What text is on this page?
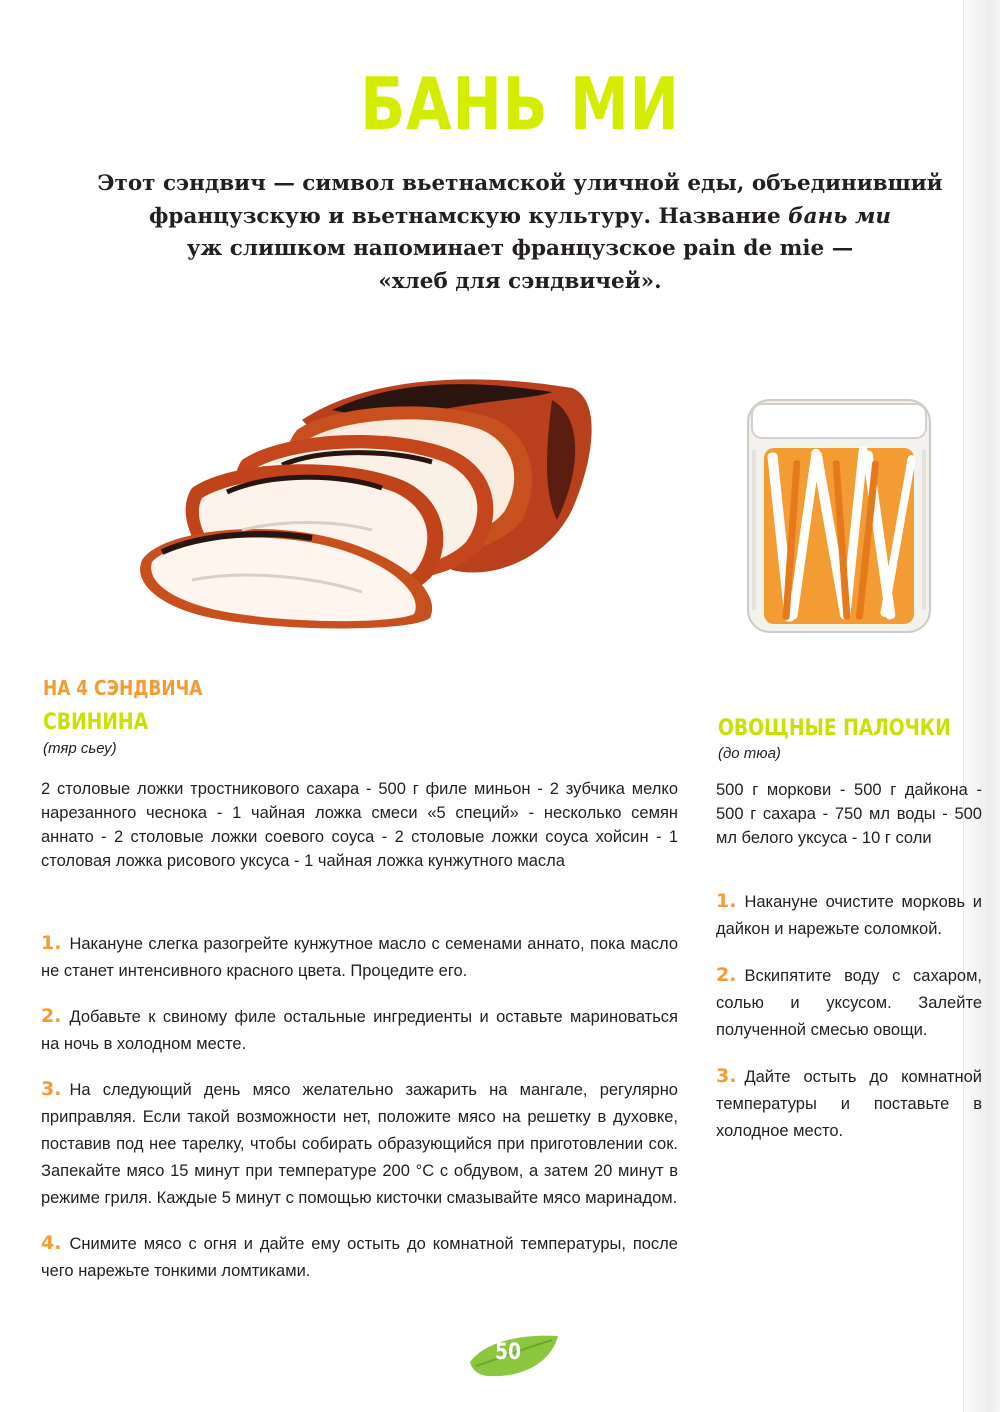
БАНЬ МИ

Этот сэндвич — символ вьетнамской уличной еды, объединивший
французскую и вьетнамскую культуру. Название бань ми
уж слишком напоминает французское pain de mie —
«хлеб для сэндвичей».

НА 4 СЭНДВИЧА
СВИНИНА

(тяр сьеу)

2 столовые ложки тростникового сахара - 500 г филе миньон - 2 зубчика мелко нарезанного чеснока - 1 чайная ложка смеси «5 специй» - несколько семян аннато - 2 столовые ложки соевого соуса - 2 столовые ложки соуса хойсин - 1 столовая ложка рисового уксуса - 1 чайная ложка кунжутного масла

1. Накануне слегка разогрейте кунжутное масло с семенами аннато, пока масло не станет интенсивного красного цвета. Процедите его.
2. Добавьте к свиному филе остальные ингредиенты и оставьте мариноваться на ночь в холодном месте.
3. На следующий день мясо желательно зажарить на мангале, регулярно приправляя. Если такой возможности нет, положите мясо на решетку в духовке, поставив под нее тарелку, чтобы собирать образующийся при приготовлении сок. Запекайте мясо 15 минут при температуре 200 °С с обдувом, а затем 20 минут в режиме гриля. Каждые 5 минут с помощью кисточки смазывайте мясо маринадом.
4. Снимите мясо с огня и дайте ему остыть до комнатной температуры, после чего нарежьте тонкими ломтиками.
ОВОЩНЫЕ ПАЛОЧКИ

(до тюа)

500 г моркови - 500 г дайкона - 500 г сахара - 750 мл воды - 500 мл белого уксуса - 10 г соли

1. Накануне очистите морковь и дайкон и нарежьте соломкой.
2. Вскипятите воду с сахаром, солью и уксусом. Залейте полученной смесью овощи.
3. Дайте остыть до комнатной температуры и поставьте в холодное место.
50
